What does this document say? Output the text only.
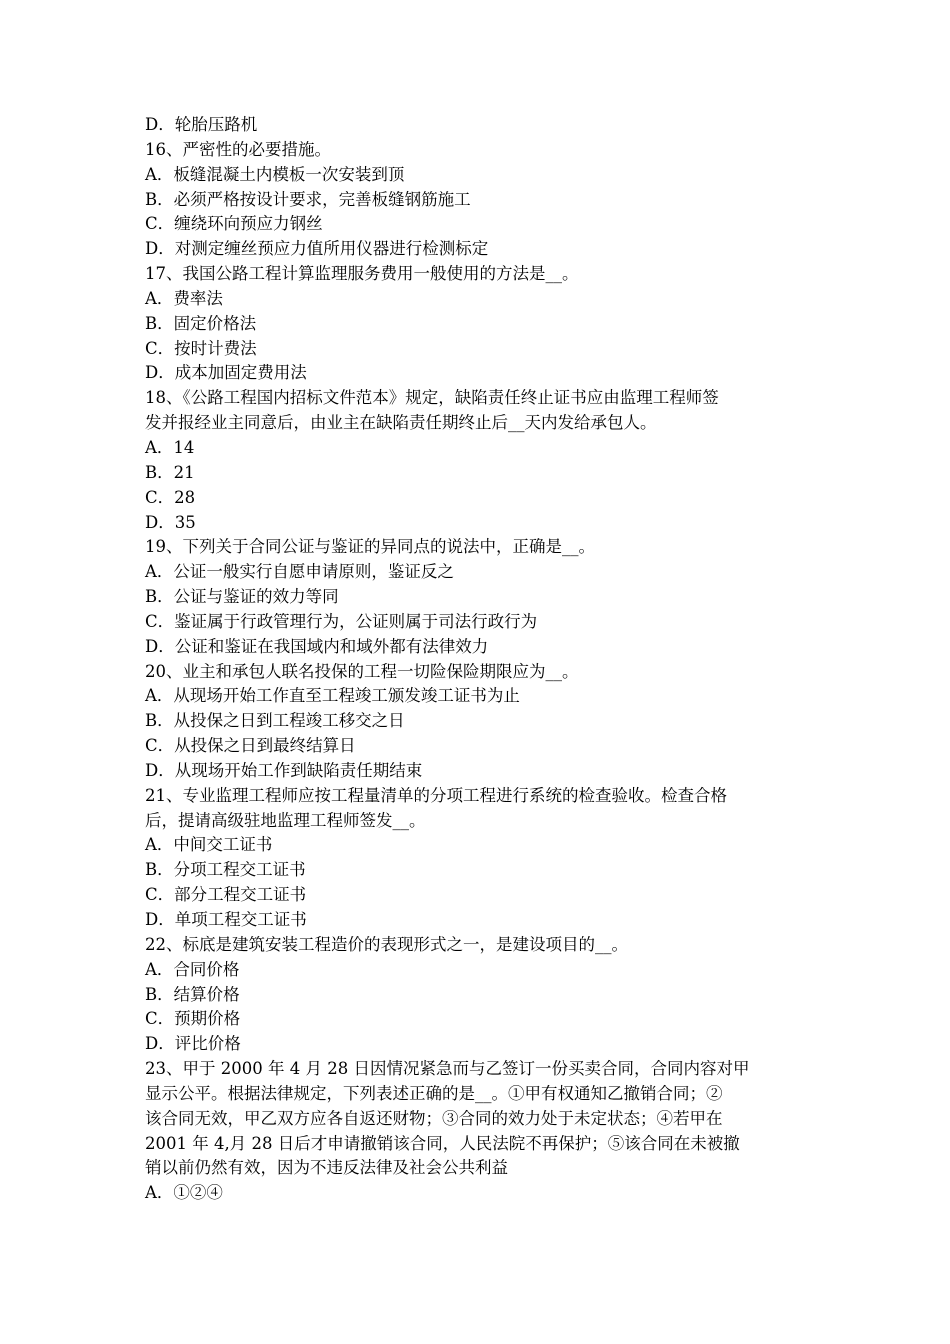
D．轮胎压路机
16、严密性的必要措施。
A．板缝混凝土内模板一次安装到顶
B．必须严格按设计要求，完善板缝钢筋施工
C．缠绕环向预应力钢丝
D．对测定缠丝预应力值所用仪器进行检测标定
17、我国公路工程计算监理服务费用一般使用的方法是__。
A．费率法
B．固定价格法
C．按时计费法
D．成本加固定费用法
18、《公路工程国内招标文件范本》规定，缺陷责任终止证书应由监理工程师签
发并报经业主同意后，由业主在缺陷责任期终止后__天内发给承包人。
A．14
B．21
C．28
D．35
19、下列关于合同公证与鉴证的异同点的说法中，正确是__。
A．公证一般实行自愿申请原则，鉴证反之
B．公证与鉴证的效力等同
C．鉴证属于行政管理行为，公证则属于司法行政行为
D．公证和鉴证在我国域内和域外都有法律效力
20、业主和承包人联名投保的工程一切险保险期限应为__。
A．从现场开始工作直至工程竣工颁发竣工证书为止
B．从投保之日到工程竣工移交之日
C．从投保之日到最终结算日
D．从现场开始工作到缺陷责任期结束
21、专业监理工程师应按工程量清单的分项工程进行系统的检查验收。检查合格
后，提请高级驻地监理工程师签发__。
A．中间交工证书
B．分项工程交工证书
C．部分工程交工证书
D．单项工程交工证书
22、标底是建筑安装工程造价的表现形式之一，是建设项目的__。
A．合同价格
B．结算价格
C．预期价格
D．评比价格
23、甲于 2000 年 4 月 28 日因情况紧急而与乙签订一份买卖合同，合同内容对甲
显示公平。根据法律规定，下列表述正确的是__。①甲有权通知乙撤销合同；②
该合同无效，甲乙双方应各自返还财物；③合同的效力处于未定状态；④若甲在
2001 年 4,月 28 日后才申请撤销该合同，人民法院不再保护；⑤该合同在未被撤
销以前仍然有效，因为不违反法律及社会公共利益
A．①②④
